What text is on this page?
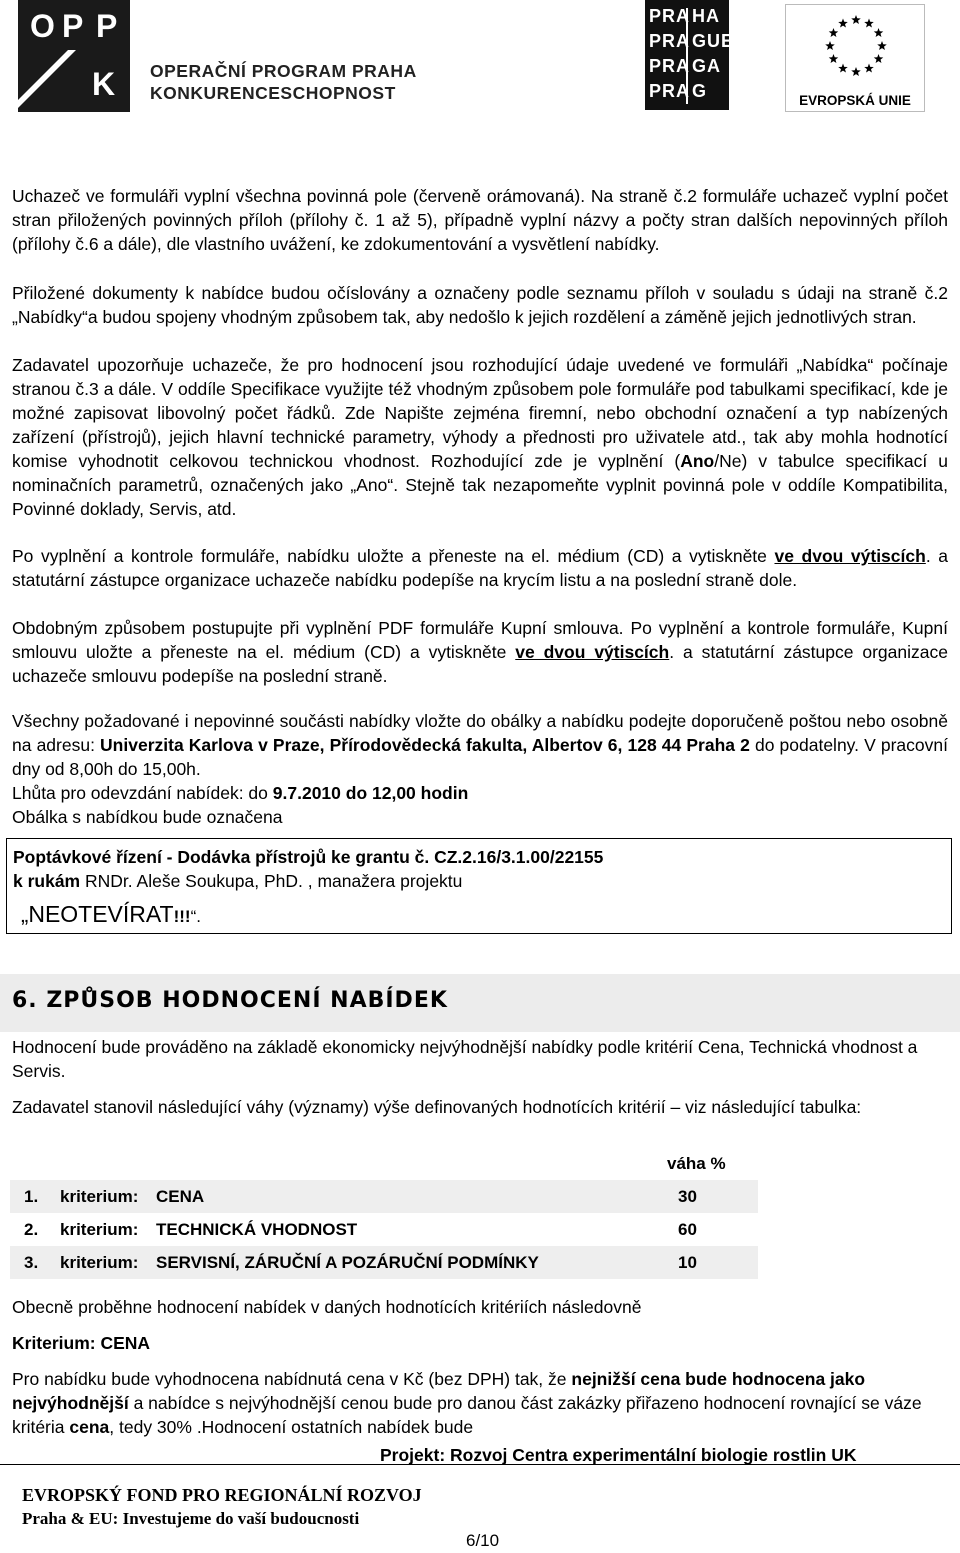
O P P
K OPERAČNÍ PROGRAM PRAHA
KONKURENCESCHOPNOST
PRA HA
PRA GUE
PRA GA
PRA G	EVROPSKÁ UNIE
Uchazeč ve formuláři vyplní všechna povinná pole (červeně orámovaná). Na straně č.2 formuláře uchazeč vyplní počet stran přiložených povinných příloh (přílohy č. 1 až 5), případně vyplní názvy a počty stran dalších nepovinných příloh (přílohy č.6 a dále), dle vlastního uvážení, ke zdokumentování a vysvětlení nabídky.
Přiložené dokumenty k nabídce budou očíslovány a označeny podle seznamu příloh v souladu s údaji na straně č.2 „Nabídky“a budou spojeny vhodným způsobem tak, aby nedošlo k jejich rozdělení a záměně jejich jednotlivých stran.
Zadavatel upozorňuje uchazeče, že pro hodnocení jsou rozhodující údaje uvedené ve formuláři „Nabídka“ počínaje stranou č.3 a dále. V oddíle Specifikace využijte též vhodným způsobem pole formuláře pod tabulkami specifikací, kde je možné zapisovat libovolný počet řádků. Zde Napište zejména firemní, nebo obchodní označení a typ nabízených zařízení (přístrojů), jejich hlavní technické parametry, výhody a přednosti pro uživatele atd., tak aby mohla hodnotící komise vyhodnotit celkovou technickou vhodnost. Rozhodující zde je vyplnění (Ano/Ne) v tabulce specifikací u nominačních parametrů, označených jako „Ano“. Stejně tak nezapomeňte vyplnit povinná pole v oddíle Kompatibilita, Povinné doklady, Servis, atd.
Po vyplnění a kontrole formuláře, nabídku uložte a přeneste na el. médium (CD) a vytiskněte ve dvou výtiscích. a statutární zástupce organizace uchazeče nabídku podepíše na krycím listu a na poslední straně dole.
Obdobným způsobem postupujte při vyplnění PDF formuláře Kupní smlouva. Po vyplnění a kontrole formuláře, Kupní smlouvu uložte a přeneste na el. médium (CD) a vytiskněte ve dvou výtiscích. a statutární zástupce organizace uchazeče smlouvu podepíše na poslední straně.
Všechny požadované i nepovinné součásti nabídky vložte do obálky a nabídku podejte doporučeně poštou nebo osobně na adresu: Univerzita Karlova v Praze, Přírodovědecká fakulta, Albertov 6, 128 44 Praha 2 do podatelny. V pracovní dny od 8,00h do 15,00h.
Lhůta pro odevzdání nabídek: do 9.7.2010 do 12,00 hodin
Obálka s nabídkou bude označena
Poptávkové řízení - Dodávka přístrojů ke grantu č. CZ.2.16/3.1.00/22155
k rukám RNDr. Aleše Soukupa, PhD. , manažera projektu
„NEOTEVÍRAT!!!“.
6. ZPŮSOB HODNOCENÍ NABÍDEK
Hodnocení bude prováděno na základě ekonomicky nejvýhodnější nabídky podle kritérií Cena, Technická vhodnost a Servis.
Zadavatel stanovil následující váhy (významy) výše definovaných hodnotících kritérií – viz následující tabulka:
váha %
1.	kriterium:	CENA	30
2.	kriterium:	TECHNICKÁ VHODNOST	60
3.	kriterium:	SERVISNÍ, ZÁRUČNÍ A POZÁRUČNÍ PODMÍNKY	10
Obecně proběhne hodnocení nabídek v daných hodnotících kritériích následovně
Kriterium: CENA
Pro nabídku bude vyhodnocena nabídnutá cena v Kč (bez DPH) tak, že nejnižší cena bude hodnocena jako nejvýhodnější a nabídce s nejvýhodnější cenou bude pro danou část zakázky přiřazeno hodnocení rovnající se váze kritéria cena, tedy 30% .Hodnocení ostatních nabídek bude
Projekt: Rozvoj Centra experimentální biologie rostlin UK
EVROPSKÝ FOND PRO REGIONÁLNÍ ROZVOJ
Praha & EU: Investujeme do vaší budoucnosti
6/10
